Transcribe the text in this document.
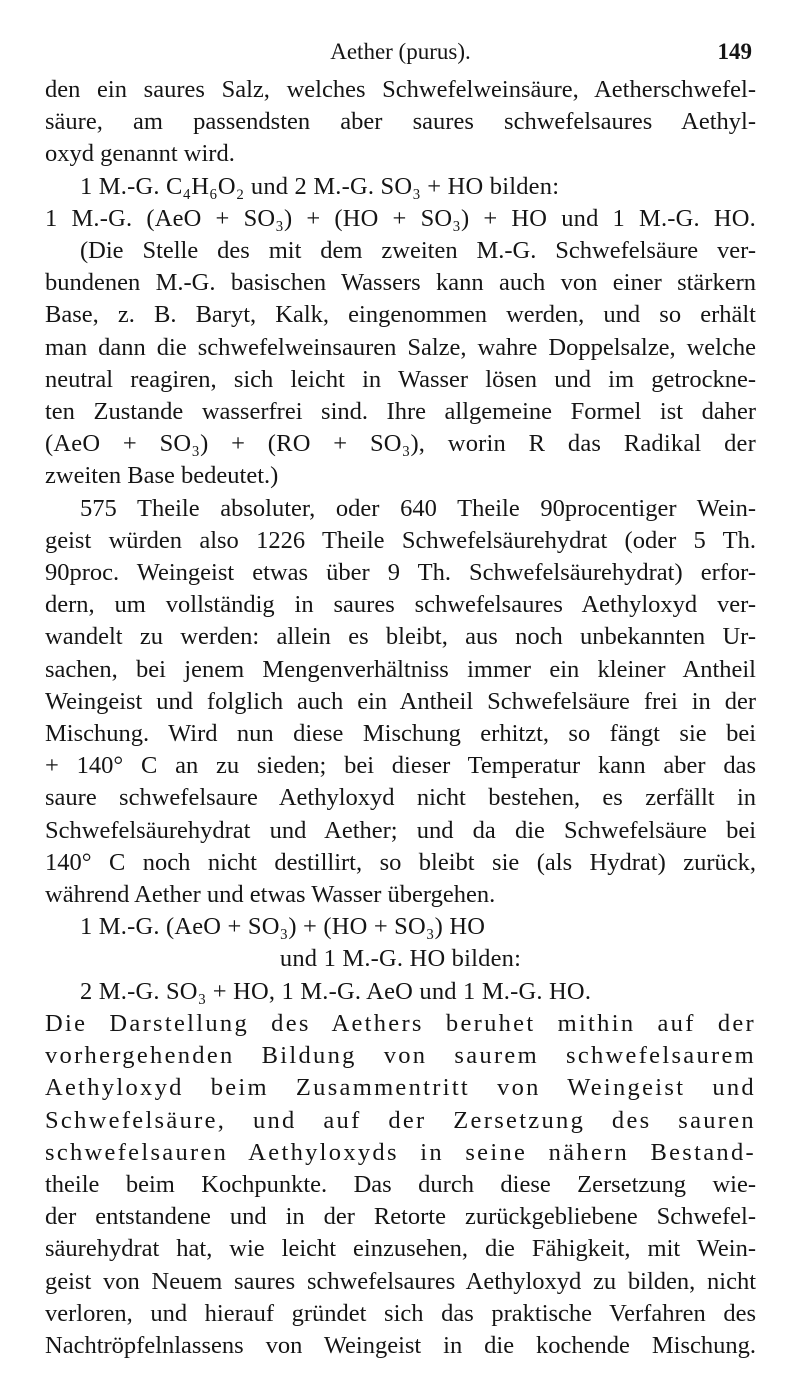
Aether (purus).	149
den ein saures Salz, welches Schwefelweinsäure, Aetherschwefel-
säure, am passendsten aber saures schwefelsaures Aethyl-
oxyd genannt wird.
1 M.-G. C₄H₆O₂ und 2 M.-G. SO₃ + HO bilden:
1 M.-G. (AeO + SO₃) + (HO + SO₃) + HO und 1 M.-G. HO.
(Die Stelle des mit dem zweiten M.-G. Schwefelsäure ver-
bundenen M.-G. basischen Wassers kann auch von einer stärkern
Base, z. B. Baryt, Kalk, eingenommen werden, und so erhält
man dann die schwefelweinsauren Salze, wahre Doppelsalze, welche
neutral reagiren, sich leicht in Wasser lösen und im getrockne-
ten Zustande wasserfrei sind. Ihre allgemeine Formel ist daher
(AeO + SO₃) + (RO + SO₃), worin R das Radikal der
zweiten Base bedeutet.)
575 Theile absoluter, oder 640 Theile 90procentiger Wein-
geist würden also 1226 Theile Schwefelsäurehydrat (oder 5 Th.
90proc. Weingeist etwas über 9 Th. Schwefelsäurehydrat) erfor-
dern, um vollständig in saures schwefelsaures Aethyloxyd ver-
wandelt zu werden: allein es bleibt, aus noch unbekannten Ur-
sachen, bei jenem Mengenverhältniss immer ein kleiner Antheil
Weingeist und folglich auch ein Antheil Schwefelsäure frei in der
Mischung. Wird nun diese Mischung erhitzt, so fängt sie bei
+ 140° C an zu sieden; bei dieser Temperatur kann aber das
saure schwefelsaure Aethyloxyd nicht bestehen, es zerfällt in
Schwefelsäurehydrat und Aether; und da die Schwefelsäure bei
140° C noch nicht destillirt, so bleibt sie (als Hydrat) zurück,
während Aether und etwas Wasser übergehen.
1 M.-G. (AeO + SO₃) + (HO + SO₃) HO
und 1 M.-G. HO bilden:
2 M.-G. SO₃ + HO, 1 M.-G. AeO und 1 M.-G. HO.
Die Darstellung des Aethers beruhet mithin auf der
vorhergehenden Bildung von saurem schwefelsaurem
Aethyloxyd beim Zusammentritt von Weingeist und
Schwefelsäure, und auf der Zersetzung des sauren
schwefelsauren Aethyloxyds in seine nähern Bestand-
theile beim Kochpunkte. Das durch diese Zersetzung wie-
der entstandene und in der Retorte zurückgebliebene Schwefel-
säurehydrat hat, wie leicht einzusehen, die Fähigkeit, mit Wein-
geist von Neuem saures schwefelsaures Aethyloxyd zu bilden, nicht
verloren, und hierauf gründet sich das praktische Verfahren des
Nachtröpfelnlassens von Weingeist in die kochende Mischung.
